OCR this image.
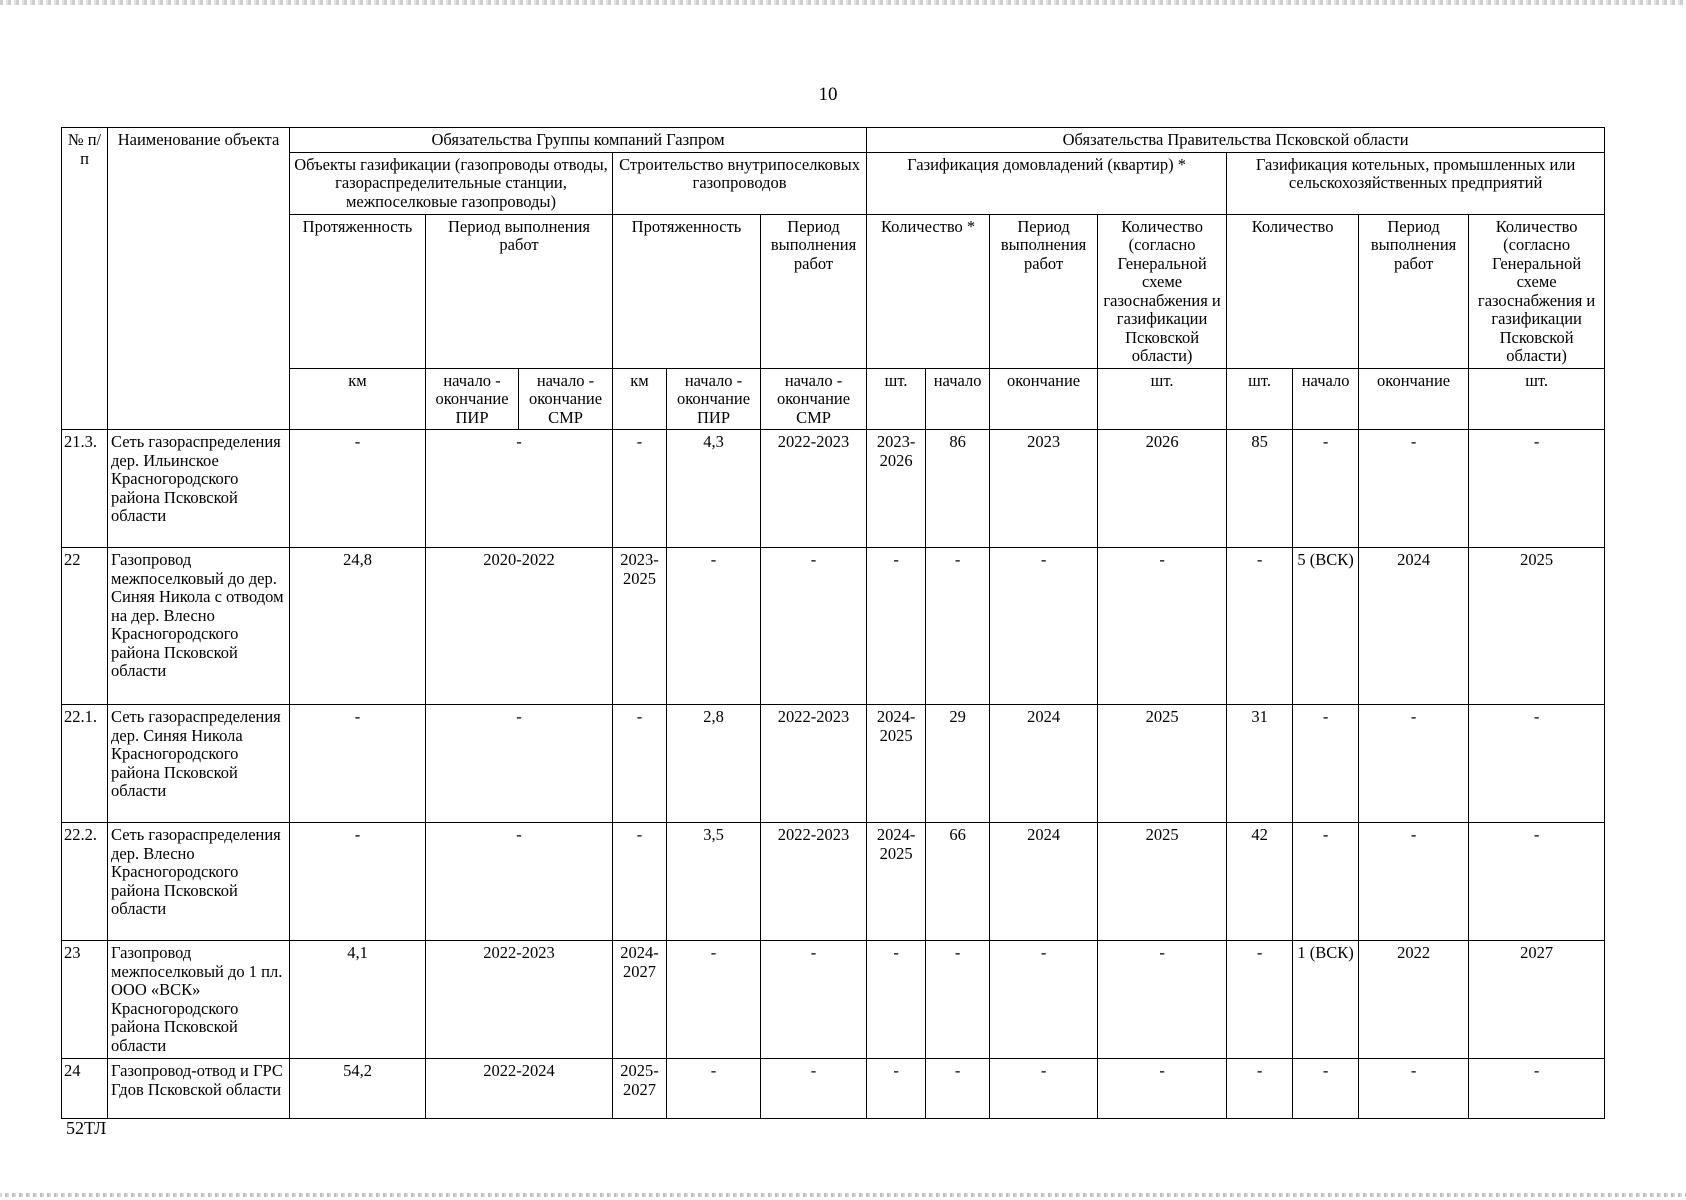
10
№ п/п	Наименование объекта	Обязательства Группы компаний Газпром						Обязательства Правительства Псковской области								
		Объекты газификации (газопроводы отводы, газораспределительные станции, межпоселковые газопроводы)			Строительство внутрипоселковых газопроводов			Газификация домовладений (квартир) *				Газификация котельных, промышленных или сельскохозяйственных предприятий				
		Протяженность	Период выполнения работ		Протяженность		Период выполнения работ	Количество *		Период выполнения работ	Количество (согласно Генеральной схеме газоснабжения и газификации Псковской области)	Количество		Период выполнения работ	Количество (согласно Генеральной схеме газоснабжения и газификации Псковской области)	
		км	начало - окончание ПИР	начало - окончание СМР	км	начало - окончание ПИР	начало - окончание СМР	шт.	начало	окончание	шт.	шт.	начало	окончание	шт.	
21.3.	Сеть газораспределения дер. Ильинское Красногородского района Псковской области	-	-		-	4,3	2022-2023	2023-2026	86	2023	2026	85	-	-	-	
22	Газопровод межпоселковый до дер. Синяя Никола с отводом на дер. Влесно Красногородского района Псковской области	24,8	2020-2022		2023-2025	-	-	-	-	-	-	-	5 (ВСК)	2024	2025	
22.1.	Сеть газораспределения дер. Синяя Никола Красногородского района Псковской области	-	-		-	2,8	2022-2023	2024-2025	29	2024	2025	31	-	-	-	
22.2.	Сеть газораспределения дер. Влесно Красногородского района Псковской области	-	-		-	3,5	2022-2023	2024-2025	66	2024	2025	42	-	-	-	
23	Газопровод межпоселковый до 1 пл. ООО «ВСК» Красногородского района Псковской области	4,1	2022-2023		2024-2027	-	-	-	-	-	-	-	1 (ВСК)	2022	2027	
24	Газопровод-отвод и ГРС Гдов Псковской области	54,2	2022-2024		2025-2027	-	-	-	-	-	-	-	-	-	-	
52ТЛ
